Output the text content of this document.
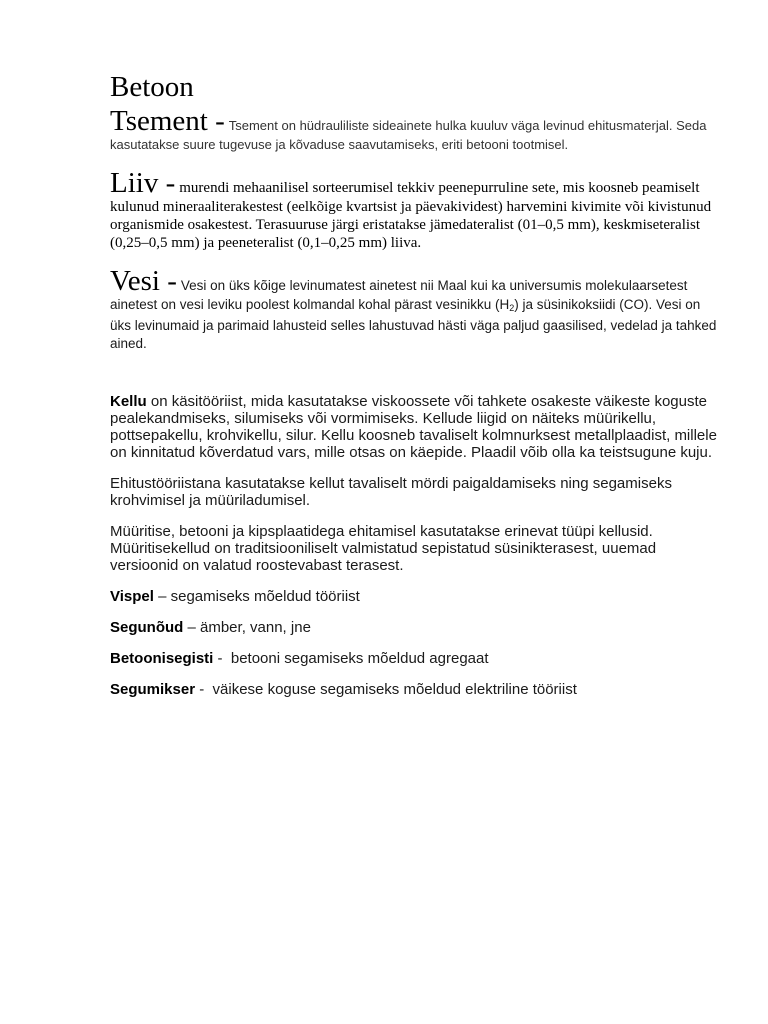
Betoon
Tsement - Tsement on hüdrauliliste sideainete hulka kuuluv väga levinud ehitusmaterjal. Seda kasutatakse suure tugevuse ja kõvaduse saavutamiseks, eriti betooni tootmisel.
Liiv - murendi mehaanilisel sorteerumisel tekkiv peenepurruline sete, mis koosneb peamiselt kulunud mineraaliterakestest (eelkõige kvartsist ja päevakividest) harvemini kivimite või kivistunud organismide osakestest. Terasuuruse järgi eristatakse jämedateralist (01–0,5 mm), keskmiseteralist (0,25–0,5 mm) ja peeneteralist (0,1–0,25 mm) liiva.
Vesi - Vesi on üks kõige levinumatest ainetest nii Maal kui ka universumis molekulaarsetest ainetest on vesi leviku poolest kolmandal kohal pärast vesinikku $(H_2)$ ja süsinikoksiidi (CO). Vesi on üks levinumaid ja parimaid lahusteid selles lahustuvad hästi väga paljud gaasilised, vedelad ja tahked ained.

Kellu on käsitööriist, mida kasutatakse viskoossete või tahkete osakeste väikeste koguste pealekandmiseks, silumiseks või vormimiseks. Kellude liigid on näiteks müürikellu, pottsepakellu, krohvikellu, silur. Kellu koosneb tavaliselt kolmnurksest metallplaadist, millele on kinnitatud kõverdatud vars, mille otsas on käepide. Plaadil võib olla ka teistsugune kuju.

Ehitustööriistana kasutatakse kellut tavaliselt mördi paigaldamiseks ning segamiseks krohvimisel ja müüriladumisel.

Müüritise, betooni ja kipsplaatidega ehitamisel kasutatakse erinevat tüüpi kellusid. Müüritisekellud on traditsiooniliselt valmistatud sepistatud süsinikterasest, uuemad versioonid on valatud roostevabast terasest.

Vispel – segamiseks mõeldud tööriist

Segunõud – ämber, vann, jne

Betoonisegisti -  betooni segamiseks mõeldud agregaat

Segumikser -  väikese koguse segamiseks mõeldud elektriline tööriist
